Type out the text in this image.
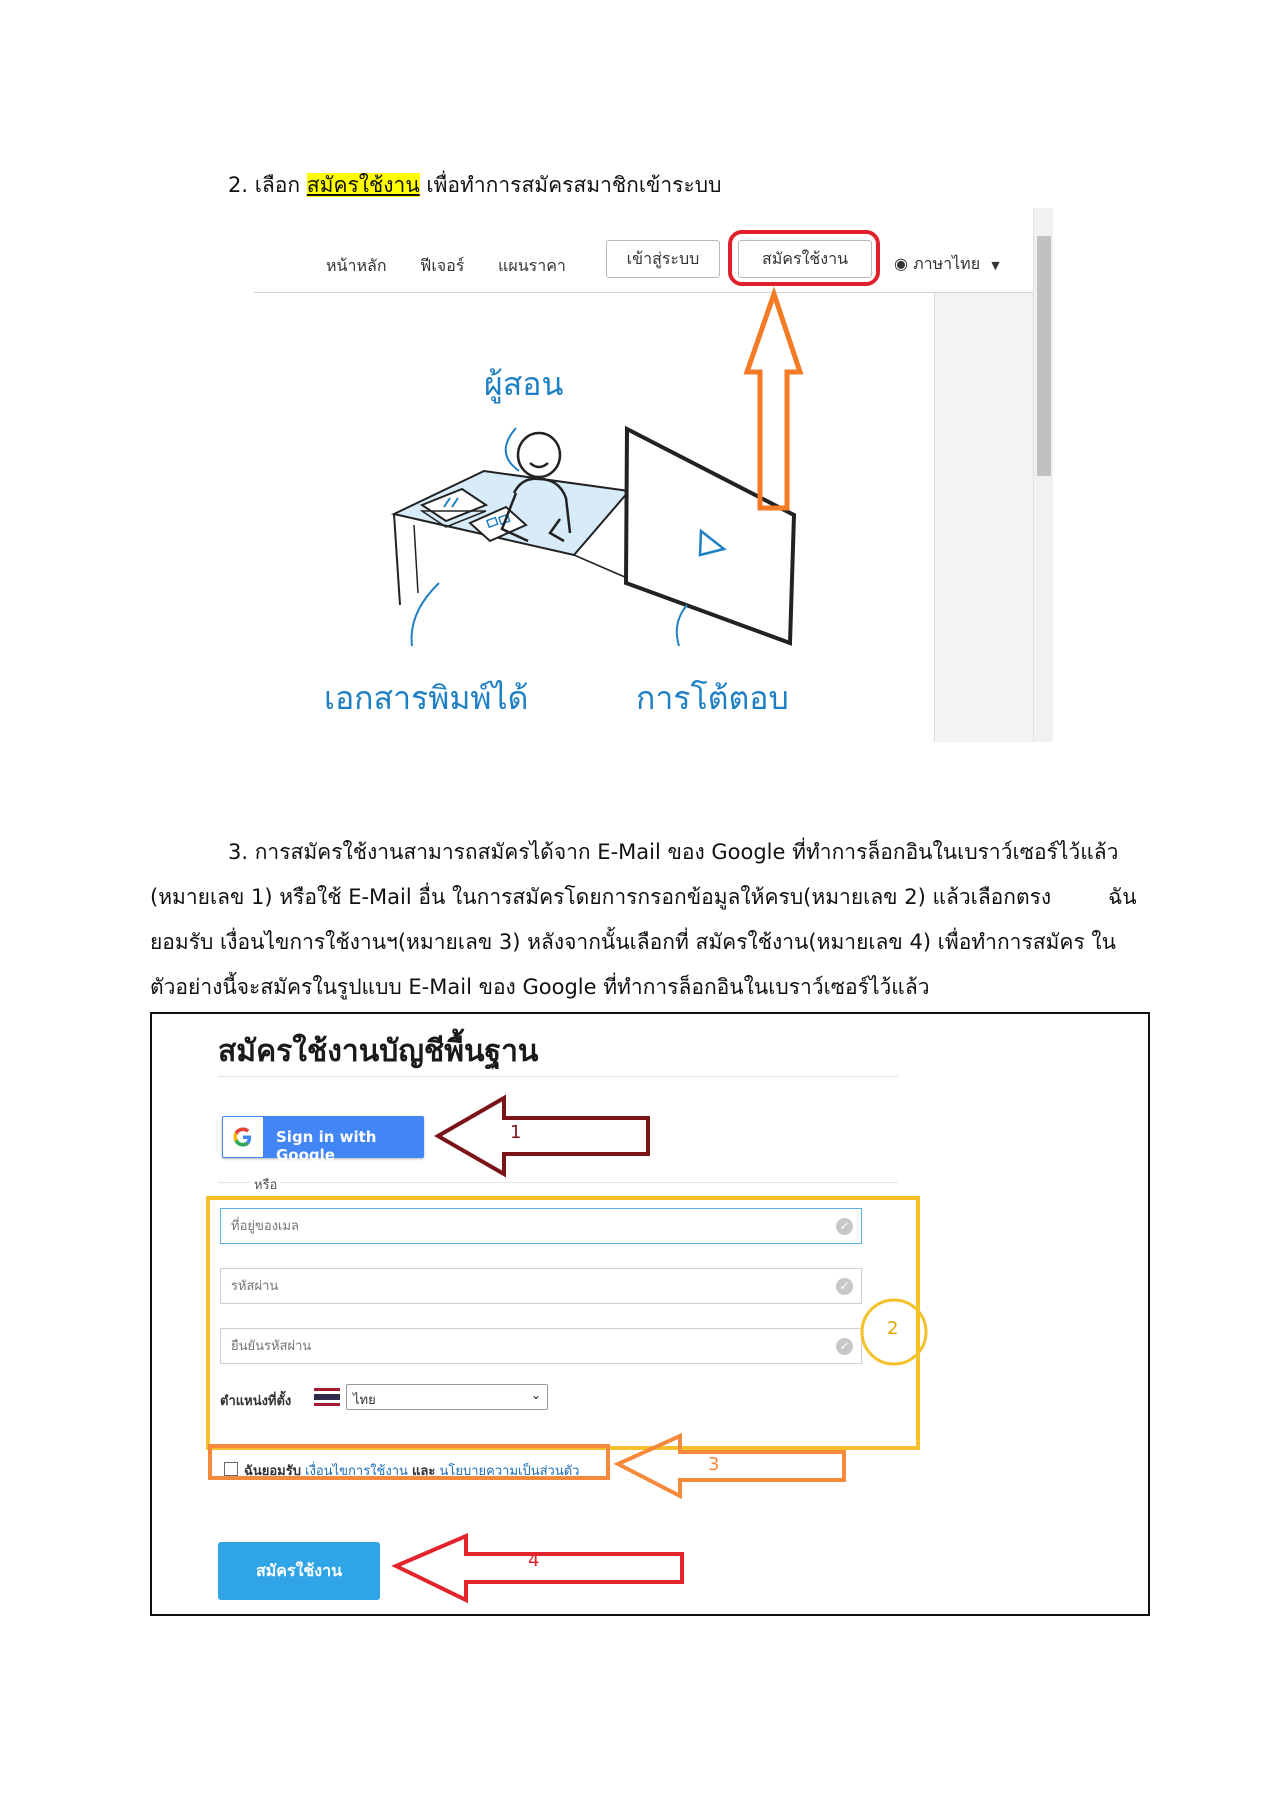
2. เลือก สมัครใช้งาน เพื่อทำการสมัครสมาชิกเข้าระบบ
หน้าหลัก ฟีเจอร์ แผนราคา	เข้าสู่ระบบ	สมัครใช้งาน	◉ ภาษาไทย ▼
ผู้สอน
เอกสารพิมพ์ได้	การโต้ตอบ
3. การสมัครใช้งานสามารถสมัครได้จาก E-Mail ของ Google ที่ทำการล็อกอินในเบราว์เซอร์ไว้แล้ว
(หมายเลข 1) หรือใช้ E-Mail อื่น ในการสมัครโดยการกรอกข้อมูลให้ครบ(หมายเลข 2) แล้วเลือกตรง	ฉัน
ยอมรับ เงื่อนไขการใช้งานฯ(หมายเลข 3) หลังจากนั้นเลือกที่ สมัครใช้งาน(หมายเลข 4) เพื่อทำการสมัคร ใน
ตัวอย่างนี้จะสมัครในรูปแบบ E-Mail ของ Google ที่ทำการล็อกอินในเบราว์เซอร์ไว้แล้ว
สมัครใช้งานบัญชีพื้นฐาน
Sign in with Google
หรือ
ที่อยู่ของเมล
✓
✓
✓
ตำแหน่งที่ตั้ง	ไทย	⌄
ฉันยอมรับ เงื่อนไขการใช้งาน และ นโยบายความเป็นส่วนตัว
สมัครใช้งาน
1
2
3
4
